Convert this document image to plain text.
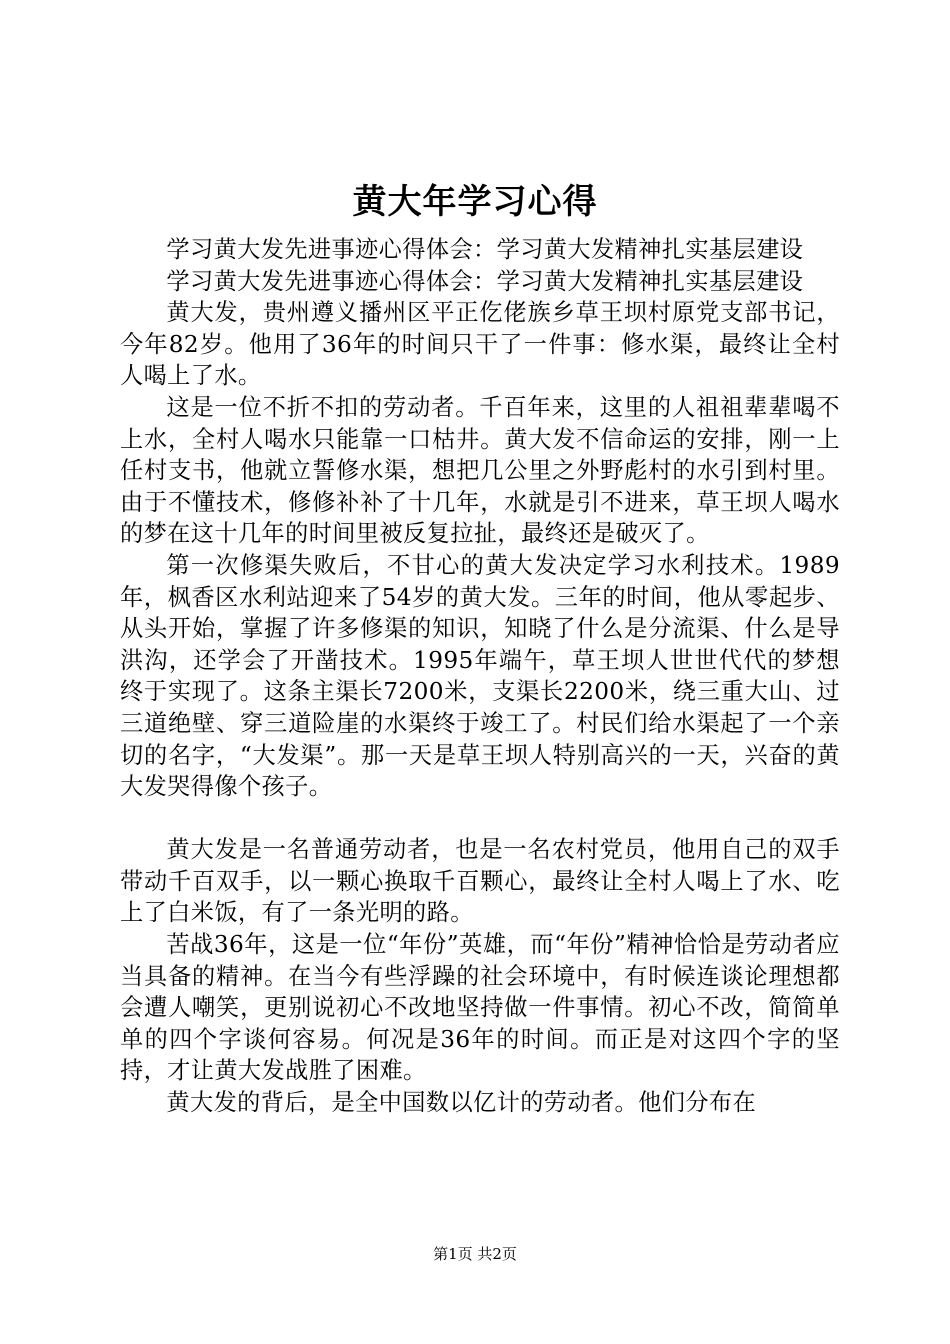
黄大年学习心得

学习黄大发先进事迹心得体会：学习黄大发精神扎实基层建设

学习黄大发先进事迹心得体会：学习黄大发精神扎实基层建设

黄大发，贵州遵义播州区平正仡佬族乡草王坝村原党支部书记，今年82岁。他用了36年的时间只干了一件事：修水渠，最终让全村人喝上了水。

这是一位不折不扣的劳动者。千百年来，这里的人祖祖辈辈喝不上水，全村人喝水只能靠一口枯井。黄大发不信命运的安排，刚一上任村支书，他就立誓修水渠，想把几公里之外野彪村的水引到村里。由于不懂技术，修修补补了十几年，水就是引不进来，草王坝人喝水的梦在这十几年的时间里被反复拉扯，最终还是破灭了。

第一次修渠失败后，不甘心的黄大发决定学习水利技术。1989年，枫香区水利站迎来了54岁的黄大发。三年的时间，他从零起步、从头开始，掌握了许多修渠的知识，知晓了什么是分流渠、什么是导洪沟，还学会了开凿技术。1995年端午，草王坝人世世代代的梦想终于实现了。这条主渠长7200米，支渠长2200米，绕三重大山、过三道绝壁、穿三道险崖的水渠终于竣工了。村民们给水渠起了一个亲切的名字，“大发渠”。那一天是草王坝人特别高兴的一天，兴奋的黄大发哭得像个孩子。

黄大发是一名普通劳动者，也是一名农村党员，他用自己的双手带动千百双手，以一颗心换取千百颗心，最终让全村人喝上了水、吃上了白米饭，有了一条光明的路。

苦战36年，这是一位“年份”英雄，而“年份”精神恰恰是劳动者应当具备的精神。在当今有些浮躁的社会环境中，有时候连谈论理想都会遭人嘲笑，更别说初心不改地坚持做一件事情。初心不改，简简单单的四个字谈何容易。何况是36年的时间。而正是对这四个字的坚持，才让黄大发战胜了困难。

黄大发的背后，是全中国数以亿计的劳动者。他们分布在

第1页 共2页
